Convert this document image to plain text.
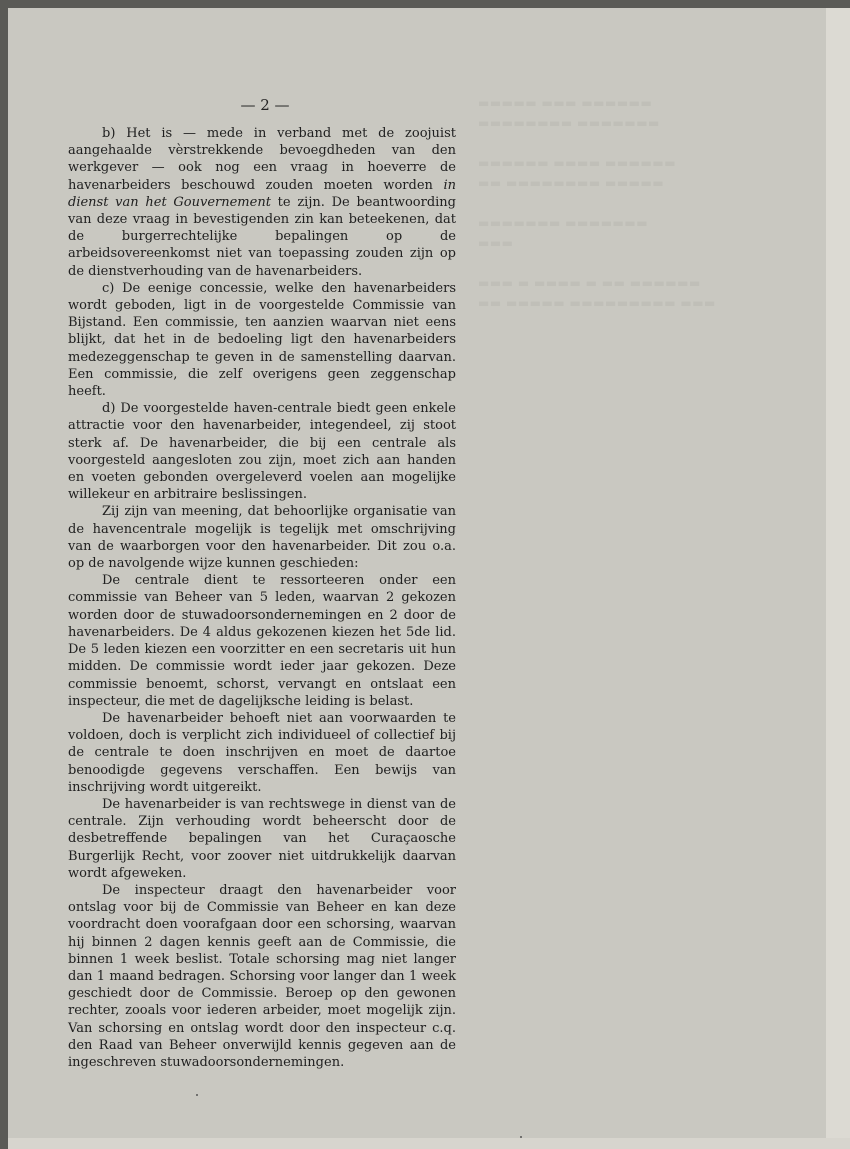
▬▬▬▬▬ ▬▬▬ ▬▬▬▬▬▬
▬▬▬▬▬▬▬▬ ▬▬▬▬▬▬▬

▬▬▬▬▬▬ ▬▬▬▬ ▬▬▬▬▬▬
▬▬ ▬▬▬▬▬▬▬▬ ▬▬▬▬▬

▬▬▬▬▬▬▬ ▬▬▬▬▬▬▬
▬▬▬

▬▬▬ ▬ ▬▬▬▬ ▬ ▬▬ ▬▬▬▬▬▬
▬▬ ▬▬▬▬▬ ▬▬▬▬▬▬▬▬▬ ▬▬▬
— 2 —

b) Het is — mede in verband met de zoojuist aangehaalde vèrstrekkende bevoegdheden van den werkgever — ook nog een vraag in hoeverre de havenarbeiders beschouwd zouden moeten worden in dienst van het Gouvernement te zijn. De beantwoording van deze vraag in bevestigenden zin kan beteekenen, dat de burgerrechtelijke bepalingen op de arbeidsovereenkomst niet van toepassing zouden zijn op de dienstverhouding van de havenarbeiders.

c) De eenige concessie, welke den havenarbeiders wordt geboden, ligt in de voorgestelde Commissie van Bijstand. Een commissie, ten aanzien waarvan niet eens blijkt, dat het in de bedoeling ligt den havenarbeiders medezeggenschap te geven in de samenstelling daarvan. Een commissie, die zelf overigens geen zeggenschap heeft.

d) De voorgestelde haven-centrale biedt geen enkele attractie voor den havenarbeider, integendeel, zij stoot sterk af. De havenarbeider, die bij een centrale als voorgesteld aangesloten zou zijn, moet zich aan handen en voeten gebonden overgeleverd voelen aan mogelijke willekeur en arbitraire beslissingen.

Zij zijn van meening, dat behoorlijke organisatie van de havencentrale mogelijk is tegelijk met omschrijving van de waarborgen voor den havenarbeider. Dit zou o.a. op de navolgende wijze kunnen geschieden:

De centrale dient te ressorteeren onder een commissie van Beheer van 5 leden, waarvan 2 gekozen worden door de stuwadoorsondernemingen en 2 door de havenarbeiders. De 4 aldus gekozenen kiezen het 5de lid. De 5 leden kiezen een voorzitter en een secretaris uit hun midden. De commissie wordt ieder jaar gekozen. Deze commissie benoemt, schorst, vervangt en ontslaat een inspecteur, die met de dagelijksche leiding is belast.

De havenarbeider behoeft niet aan voorwaarden te voldoen, doch is verplicht zich individueel of collectief bij de centrale te doen inschrijven en moet de daartoe benoodigde gegevens verschaffen. Een bewijs van inschrijving wordt uitgereikt.

De havenarbeider is van rechtswege in dienst van de centrale. Zijn verhouding wordt beheerscht door de desbetreffende bepalingen van het Curaçaosche Burgerlijk Recht, voor zoover niet uitdrukkelijk daarvan wordt afgeweken.

De inspecteur draagt den havenarbeider voor ontslag voor bij de Commissie van Beheer en kan deze voordracht doen voorafgaan door een schorsing, waarvan hij binnen 2 dagen kennis geeft aan de Commissie, die binnen 1 week beslist. Totale schorsing mag niet langer dan 1 maand bedragen. Schorsing voor langer dan 1 week geschiedt door de Commissie. Beroep op den gewonen rechter, zooals voor iederen arbeider, moet mogelijk zijn. Van schorsing en ontslag wordt door den inspecteur c.q. den Raad van Beheer onverwijld kennis gegeven aan de ingeschreven stuwadoorsondernemingen.
